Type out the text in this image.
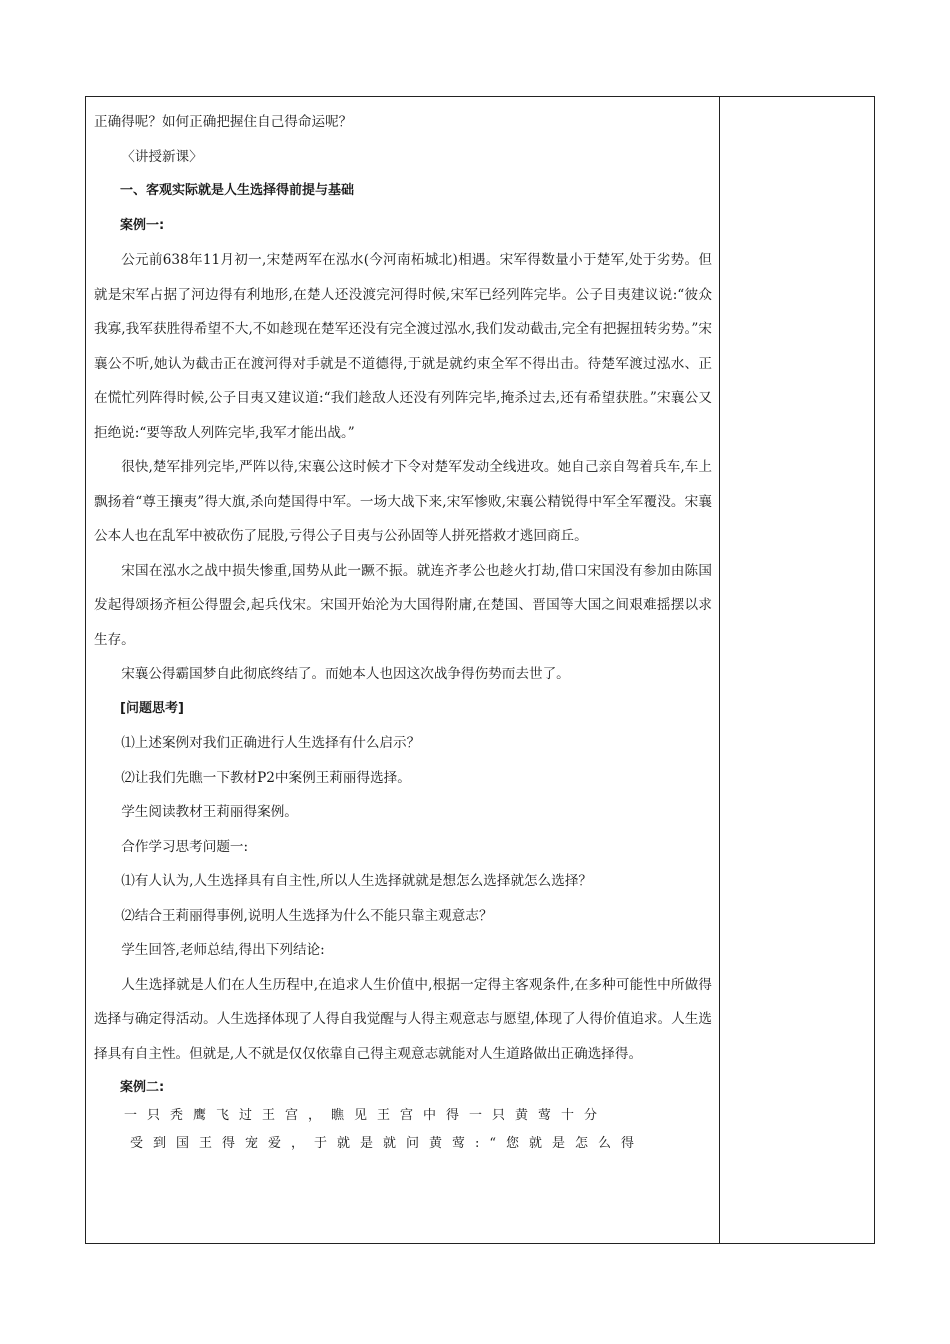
正确得呢？如何正确把握住自己得命运呢？

〈讲授新课〉

一、客观实际就是人生选择得前提与基础

案例一:

公元前638年11月初一,宋楚两军在泓水(今河南柘城北)相遇。宋军得数量小于楚军,处于劣势。但就是宋军占据了河边得有利地形,在楚人还没渡完河得时候,宋军已经列阵完毕。公子目夷建议说:“彼众我寡,我军获胜得希望不大,不如趁现在楚军还没有完全渡过泓水,我们发动截击,完全有把握扭转劣势。”宋襄公不听,她认为截击正在渡河得对手就是不道德得,于就是就约束全军不得出击。待楚军渡过泓水、正在慌忙列阵得时候,公子目夷又建议道:“我们趁敌人还没有列阵完毕,掩杀过去,还有希望获胜。”宋襄公又拒绝说:“要等敌人列阵完毕,我军才能出战。”

很快,楚军排列完毕,严阵以待,宋襄公这时候才下令对楚军发动全线进攻。她自己亲自驾着兵车,车上飘扬着“尊王攘夷”得大旗,杀向楚国得中军。一场大战下来,宋军惨败,宋襄公精锐得中军全军覆没。宋襄公本人也在乱军中被砍伤了屁股,亏得公子目夷与公孙固等人拼死搭救才逃回商丘。

宋国在泓水之战中损失惨重,国势从此一蹶不振。就连齐孝公也趁火打劫,借口宋国没有参加由陈国发起得颂扬齐桓公得盟会,起兵伐宋。宋国开始沦为大国得附庸,在楚国、晋国等大国之间艰难摇摆以求生存。

宋襄公得霸国梦自此彻底终结了。而她本人也因这次战争得伤势而去世了。

[问题思考]

⑴上述案例对我们正确进行人生选择有什么启示？

⑵让我们先瞧一下教材P2中案例王莉丽得选择。

学生阅读教材王莉丽得案例。

合作学习思考问题一:

⑴有人认为,人生选择具有自主性,所以人生选择就就是想怎么选择就怎么选择？

⑵结合王莉丽得事例,说明人生选择为什么不能只靠主观意志？

学生回答,老师总结,得出下列结论:

人生选择就是人们在人生历程中,在追求人生价值中,根据一定得主客观条件,在多种可能性中所做得选择与确定得活动。人生选择体现了人得自我觉醒与人得主观意志与愿望,体现了人得价值追求。人生选择具有自主性。但就是,人不就是仅仅依靠自己得主观意志就能对人生道路做出正确选择得。

案例二:

一只秃鹰飞过王宫，瞧见王宫中得一只黄莺十分

受到国王得宠爱，于就是就问黄莺:“您就是怎么得
